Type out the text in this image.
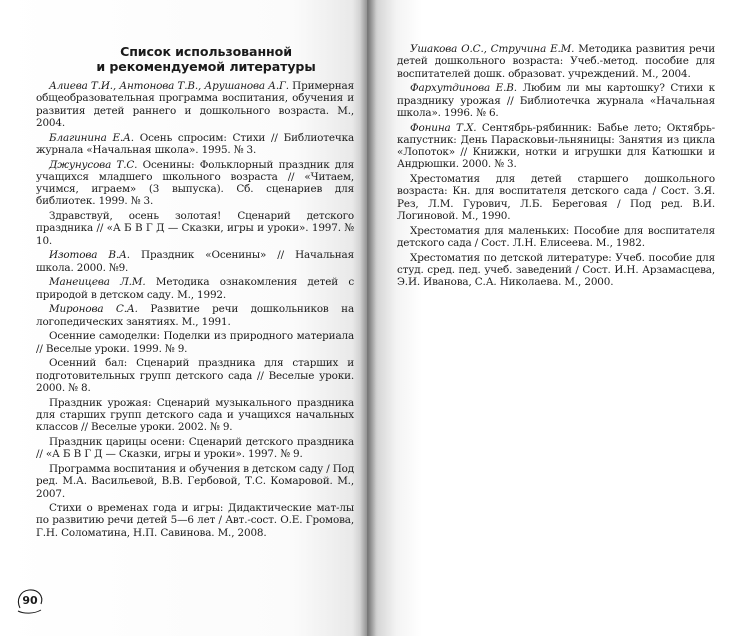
Список использованной
и рекомендуемой литературы

Алиева Т.И., Антонова Т.В., Арушанова А.Г. Примерная общеобразовательная программа воспитания, обучения и развития детей раннего и дошкольного возраста. М., 2004.

Благинина Е.А. Осень спросим: Стихи // Библиотечка журнала «Начальная школа». 1995. № 3.

Джунусова Т.С. Осенины: Фольклорный праздник для учащихся младшего школьного возраста // «Читаем, учимся, играем» (3 выпуска). Сб. сценариев для библиотек. 1999. № 3.

Здравствуй, осень золотая! Сценарий детского праздника // «А Б В Г Д — Сказки, игры и уроки». 1997. № 10.

Изотова В.А. Праздник «Осенины» // Начальная школа. 2000. №9.

Манеицева Л.М. Методика ознакомления детей с природой в детском саду. М., 1992.

Миронова С.А. Развитие речи дошкольников на логопедических занятиях. М., 1991.

Осенние самоделки: Поделки из природного материала // Веселые уроки. 1999. № 9.

Осенний бал: Сценарий праздника для старших и подготовительных групп детского сада // Веселые уроки. 2000. № 8.

Праздник урожая: Сценарий музыкального праздника для старших групп детского сада и учащихся начальных классов // Веселые уроки. 2002. № 9.

Праздник царицы осени: Сценарий детского праздника // «А Б В Г Д — Сказки, игры и уроки». 1997. № 9.

Программа воспитания и обучения в детском саду / Под ред. М.А. Васильевой, В.В. Гербовой, Т.С. Комаровой. М., 2007.

Стихи о временах года и игры: Дидактические мат-лы по развитию речи детей 5—6 лет / Авт.-сост. О.Е. Громова, Г.Н. Соломатина, Н.П. Савинова. М., 2008.

90

Ушакова О.С., Стручина Е.М. Методика развития речи детей дошкольного возраста: Учеб.-метод. пособие для воспитателей дошк. образоват. учреждений. М., 2004.

Фархутдинова Е.В. Любим ли мы картошку? Стихи к празднику урожая // Библиотечка журнала «Начальная школа». 1996. № 6.

Фонина Т.Х. Сентябрь-рябинник: Бабье лето; Октябрь-капустник: День Парасковьи-льняницы: Занятия из цикла «Лопоток» // Книжки, нотки и игрушки для Катюшки и Андрюшки. 2000. № 3.

Хрестоматия для детей старшего дошкольного возраста: Кн. для воспитателя детского сада / Сост. З.Я. Рез, Л.М. Гурович, Л.Б. Береговая / Под ред. В.И. Логиновой. М., 1990.

Хрестоматия для маленьких: Пособие для воспитателя детского сада / Сост. Л.Н. Елисеева. М., 1982.

Хрестоматия по детской литературе: Учеб. пособие для студ. сред. пед. учеб. заведений / Сост. И.Н. Арзамасцева, Э.И. Иванова, С.А. Николаева. М., 2000.
